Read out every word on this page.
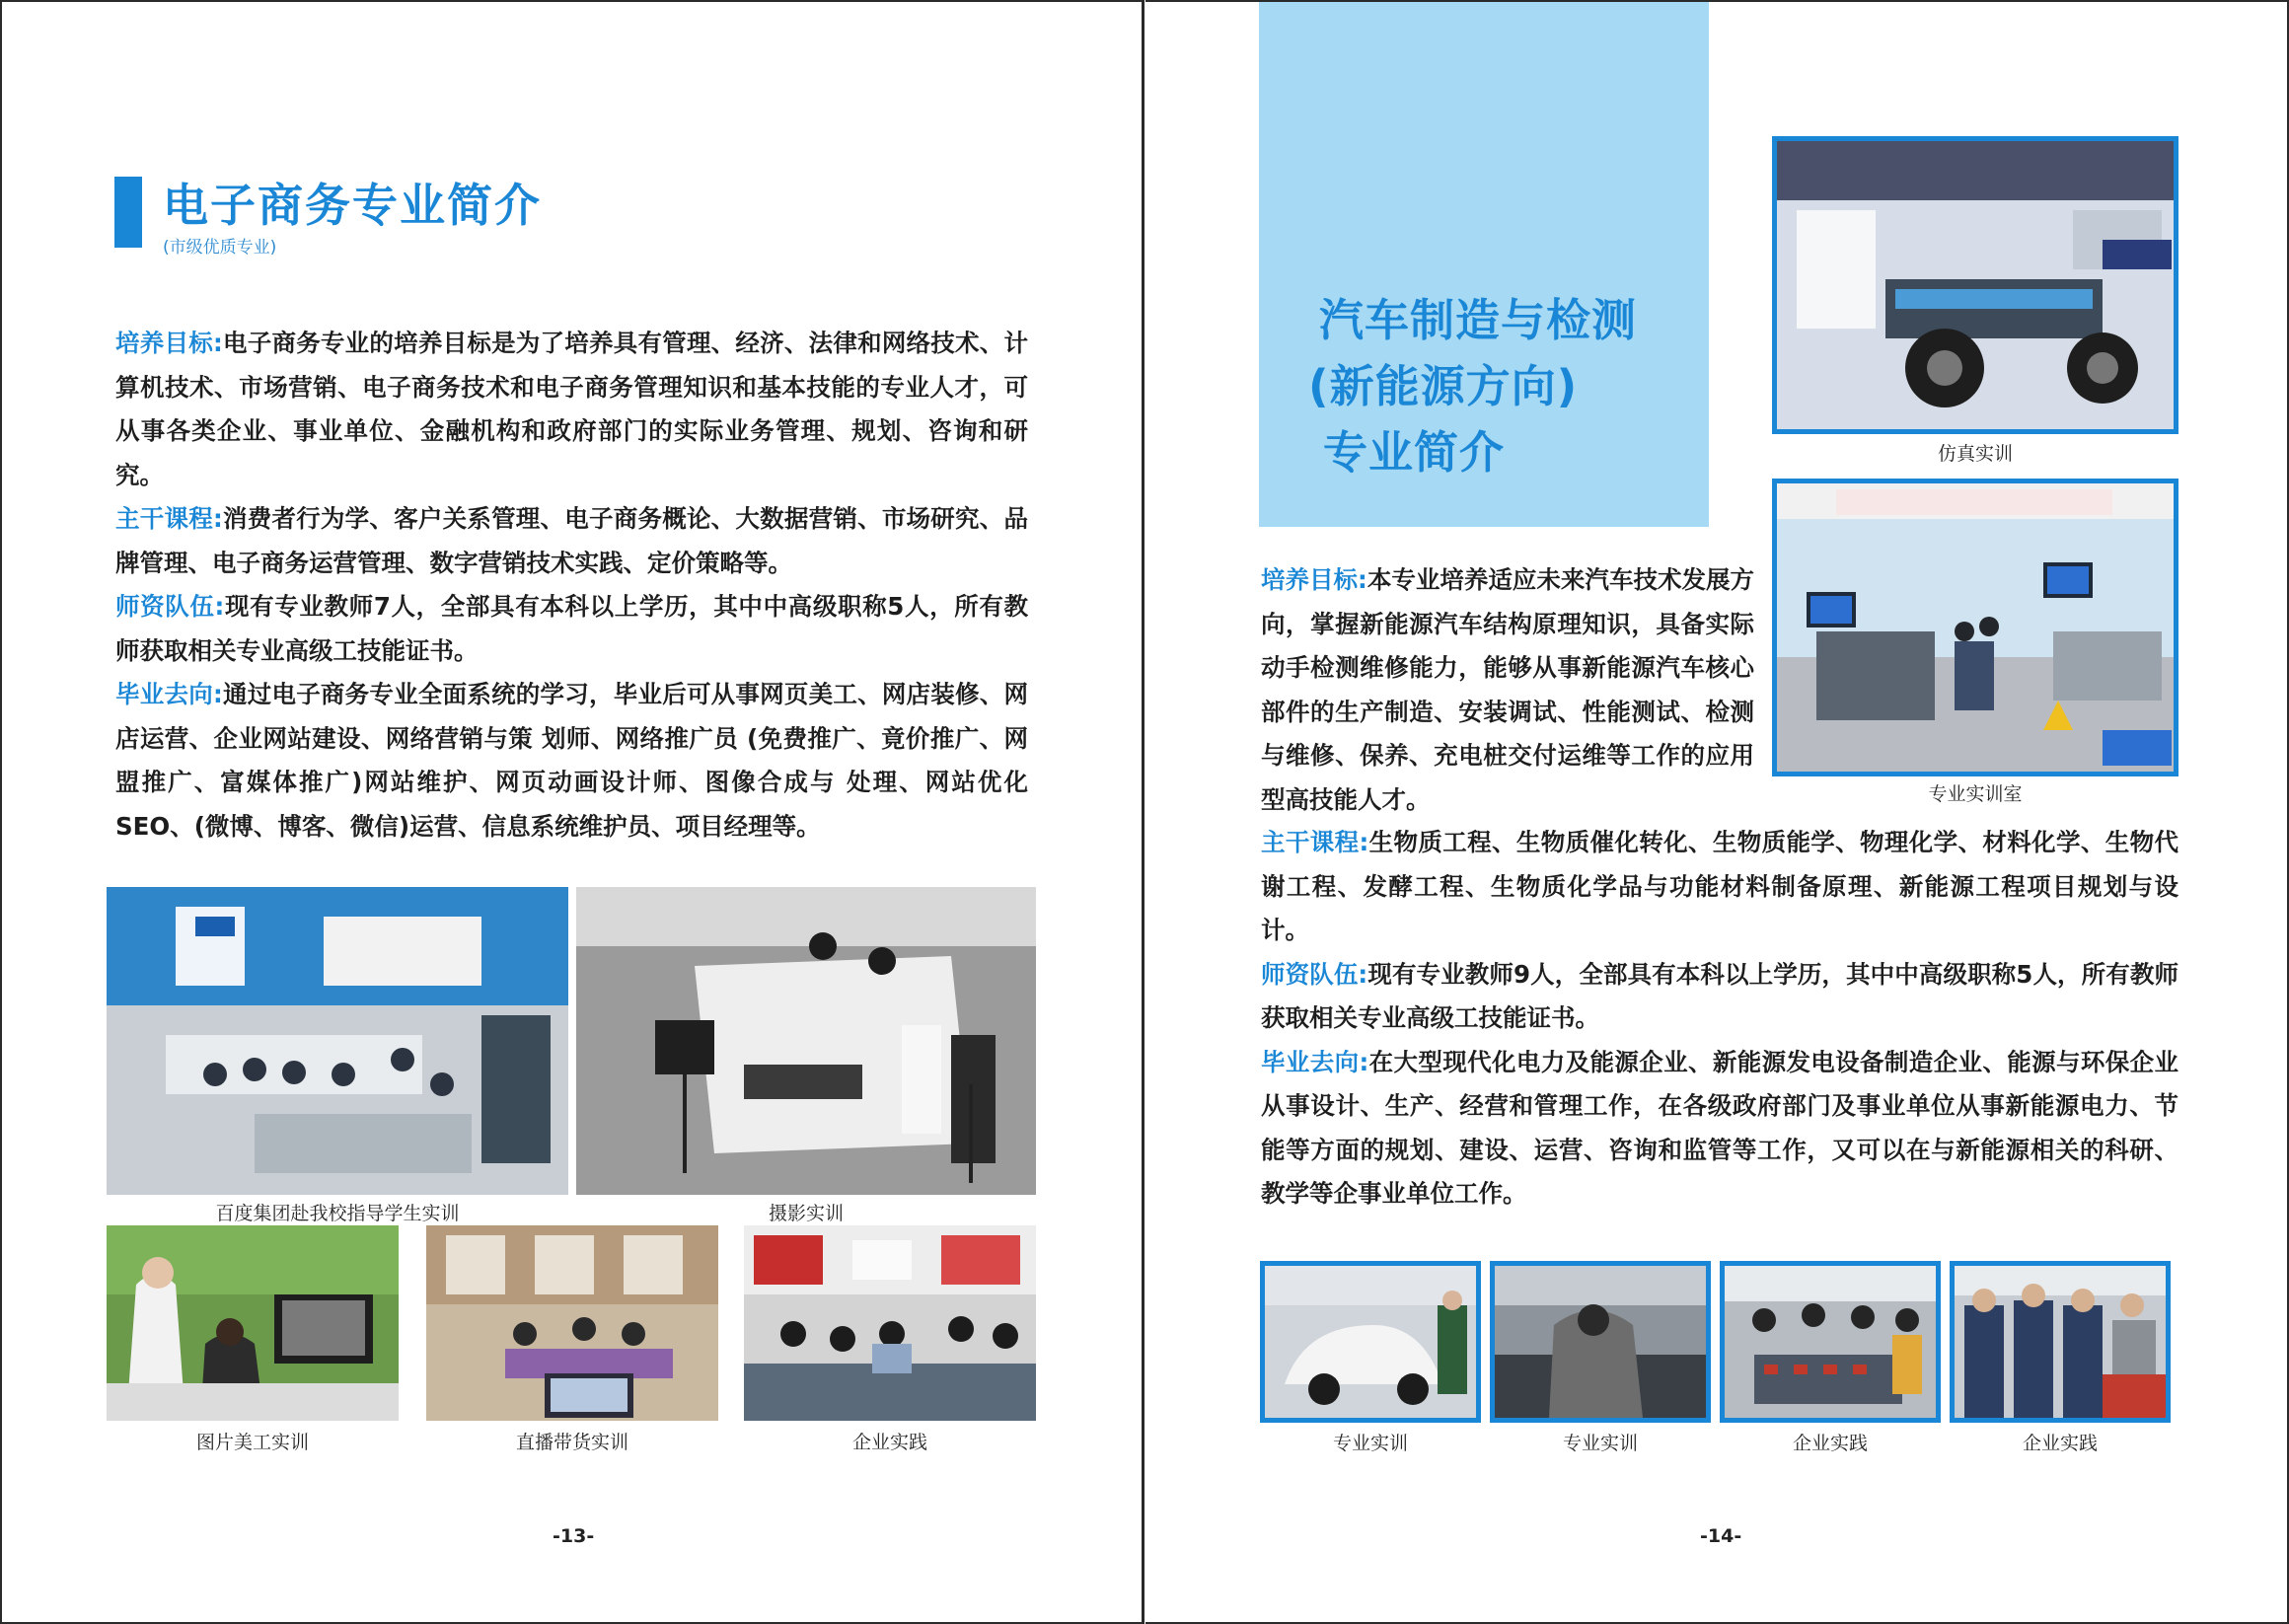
电子商务专业简介
(市级优质专业)

培养目标:电子商务专业的培养目标是为了培养具有管理、经济、法律和网络技术、计算机技术、市场营销、电子商务技术和电子商务管理知识和基本技能的专业人才，可从事各类企业、事业单位、金融机构和政府部门的实际业务管理、规划、咨询和研究。

主干课程:消费者行为学、客户关系管理、电子商务概论、大数据营销、市场研究、品牌管理、电子商务运营管理、数字营销技术实践、定价策略等。

师资队伍:现有专业教师7人，全部具有本科以上学历，其中中高级职称5人，所有教师获取相关专业高级工技能证书。

毕业去向:通过电子商务专业全面系统的学习，毕业后可从事网页美工、网店装修、网店运营、企业网站建设、网络营销与策 划师、网络推广员 (免费推广、竟价推广、网盟推广、富媒体推广)网站维护、网页动画设计师、图像合成与 处理、网站优化SEO、(微博、博客、微信)运营、信息系统维护员、项目经理等。

百度集团赴我校指导学生实训	摄影实训
图片美工实训	直播带货实训	企业实践
-13-
汽车制造与检测
(新能源方向)
专业简介	仿真实训
专业实训室

培养目标:本专业培养适应未来汽车技术发展方向，掌握新能源汽车结构原理知识，具备实际动手检测维修能力，能够从事新能源汽车核心部件的生产制造、安装调试、性能测试、检测与维修、保养、充电桩交付运维等工作的应用型高技能人才。

主干课程:生物质工程、生物质催化转化、生物质能学、物理化学、材料化学、生物代谢工程、发酵工程、生物质化学品与功能材料制备原理、新能源工程项目规划与设计。

师资队伍:现有专业教师9人，全部具有本科以上学历，其中中高级职称5人，所有教师获取相关专业高级工技能证书。

毕业去向:在大型现代化电力及能源企业、新能源发电设备制造企业、能源与环保企业从事设计、生产、经营和管理工作，在各级政府部门及事业单位从事新能源电力、节能等方面的规划、建设、运营、咨询和监管等工作，又可以在与新能源相关的科研、教学等企事业单位工作。

专业实训	专业实训	企业实践	企业实践
-14-
